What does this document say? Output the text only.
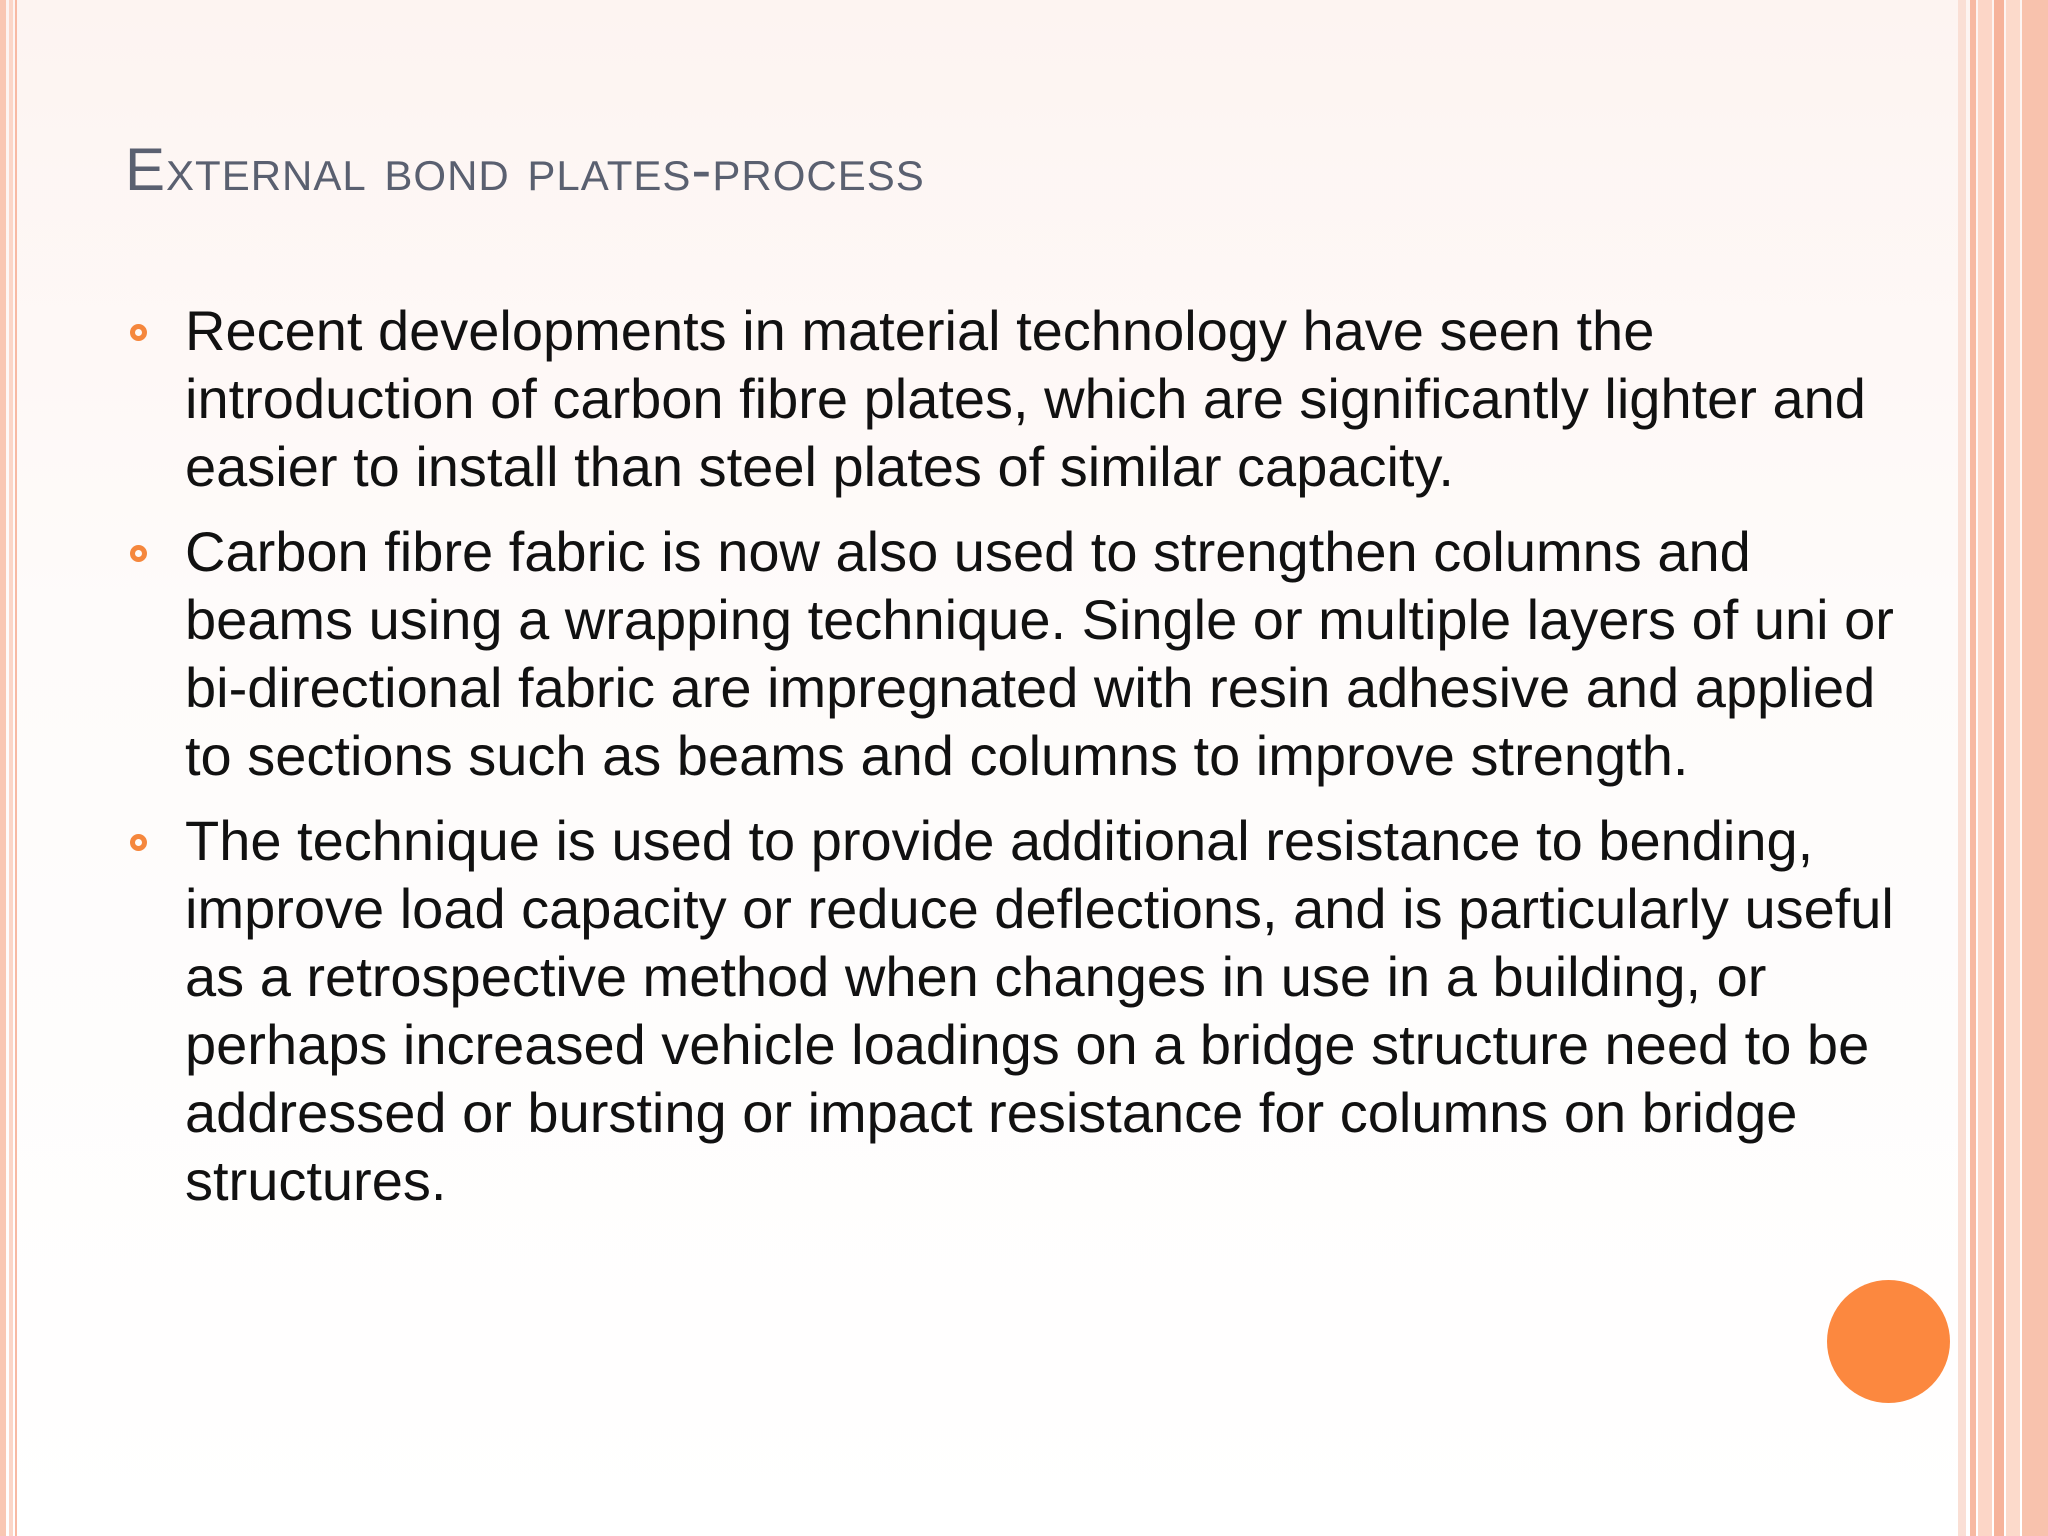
External bond plates-process
Recent developments in material technology have seen the introduction of carbon fibre plates, which are significantly lighter and easier to install than steel plates of similar capacity.
Carbon fibre fabric is now also used to strengthen columns and beams using a wrapping technique. Single or multiple layers of uni or bi-directional fabric are impregnated with resin adhesive and applied to sections such as beams and columns to improve strength.
The technique is used to provide additional resistance to bending, improve load capacity or reduce deflections, and is particularly useful as a retrospective method when changes in use in a building, or perhaps increased vehicle loadings on a bridge structure need to be addressed or bursting or impact resistance for columns on bridge structures.
